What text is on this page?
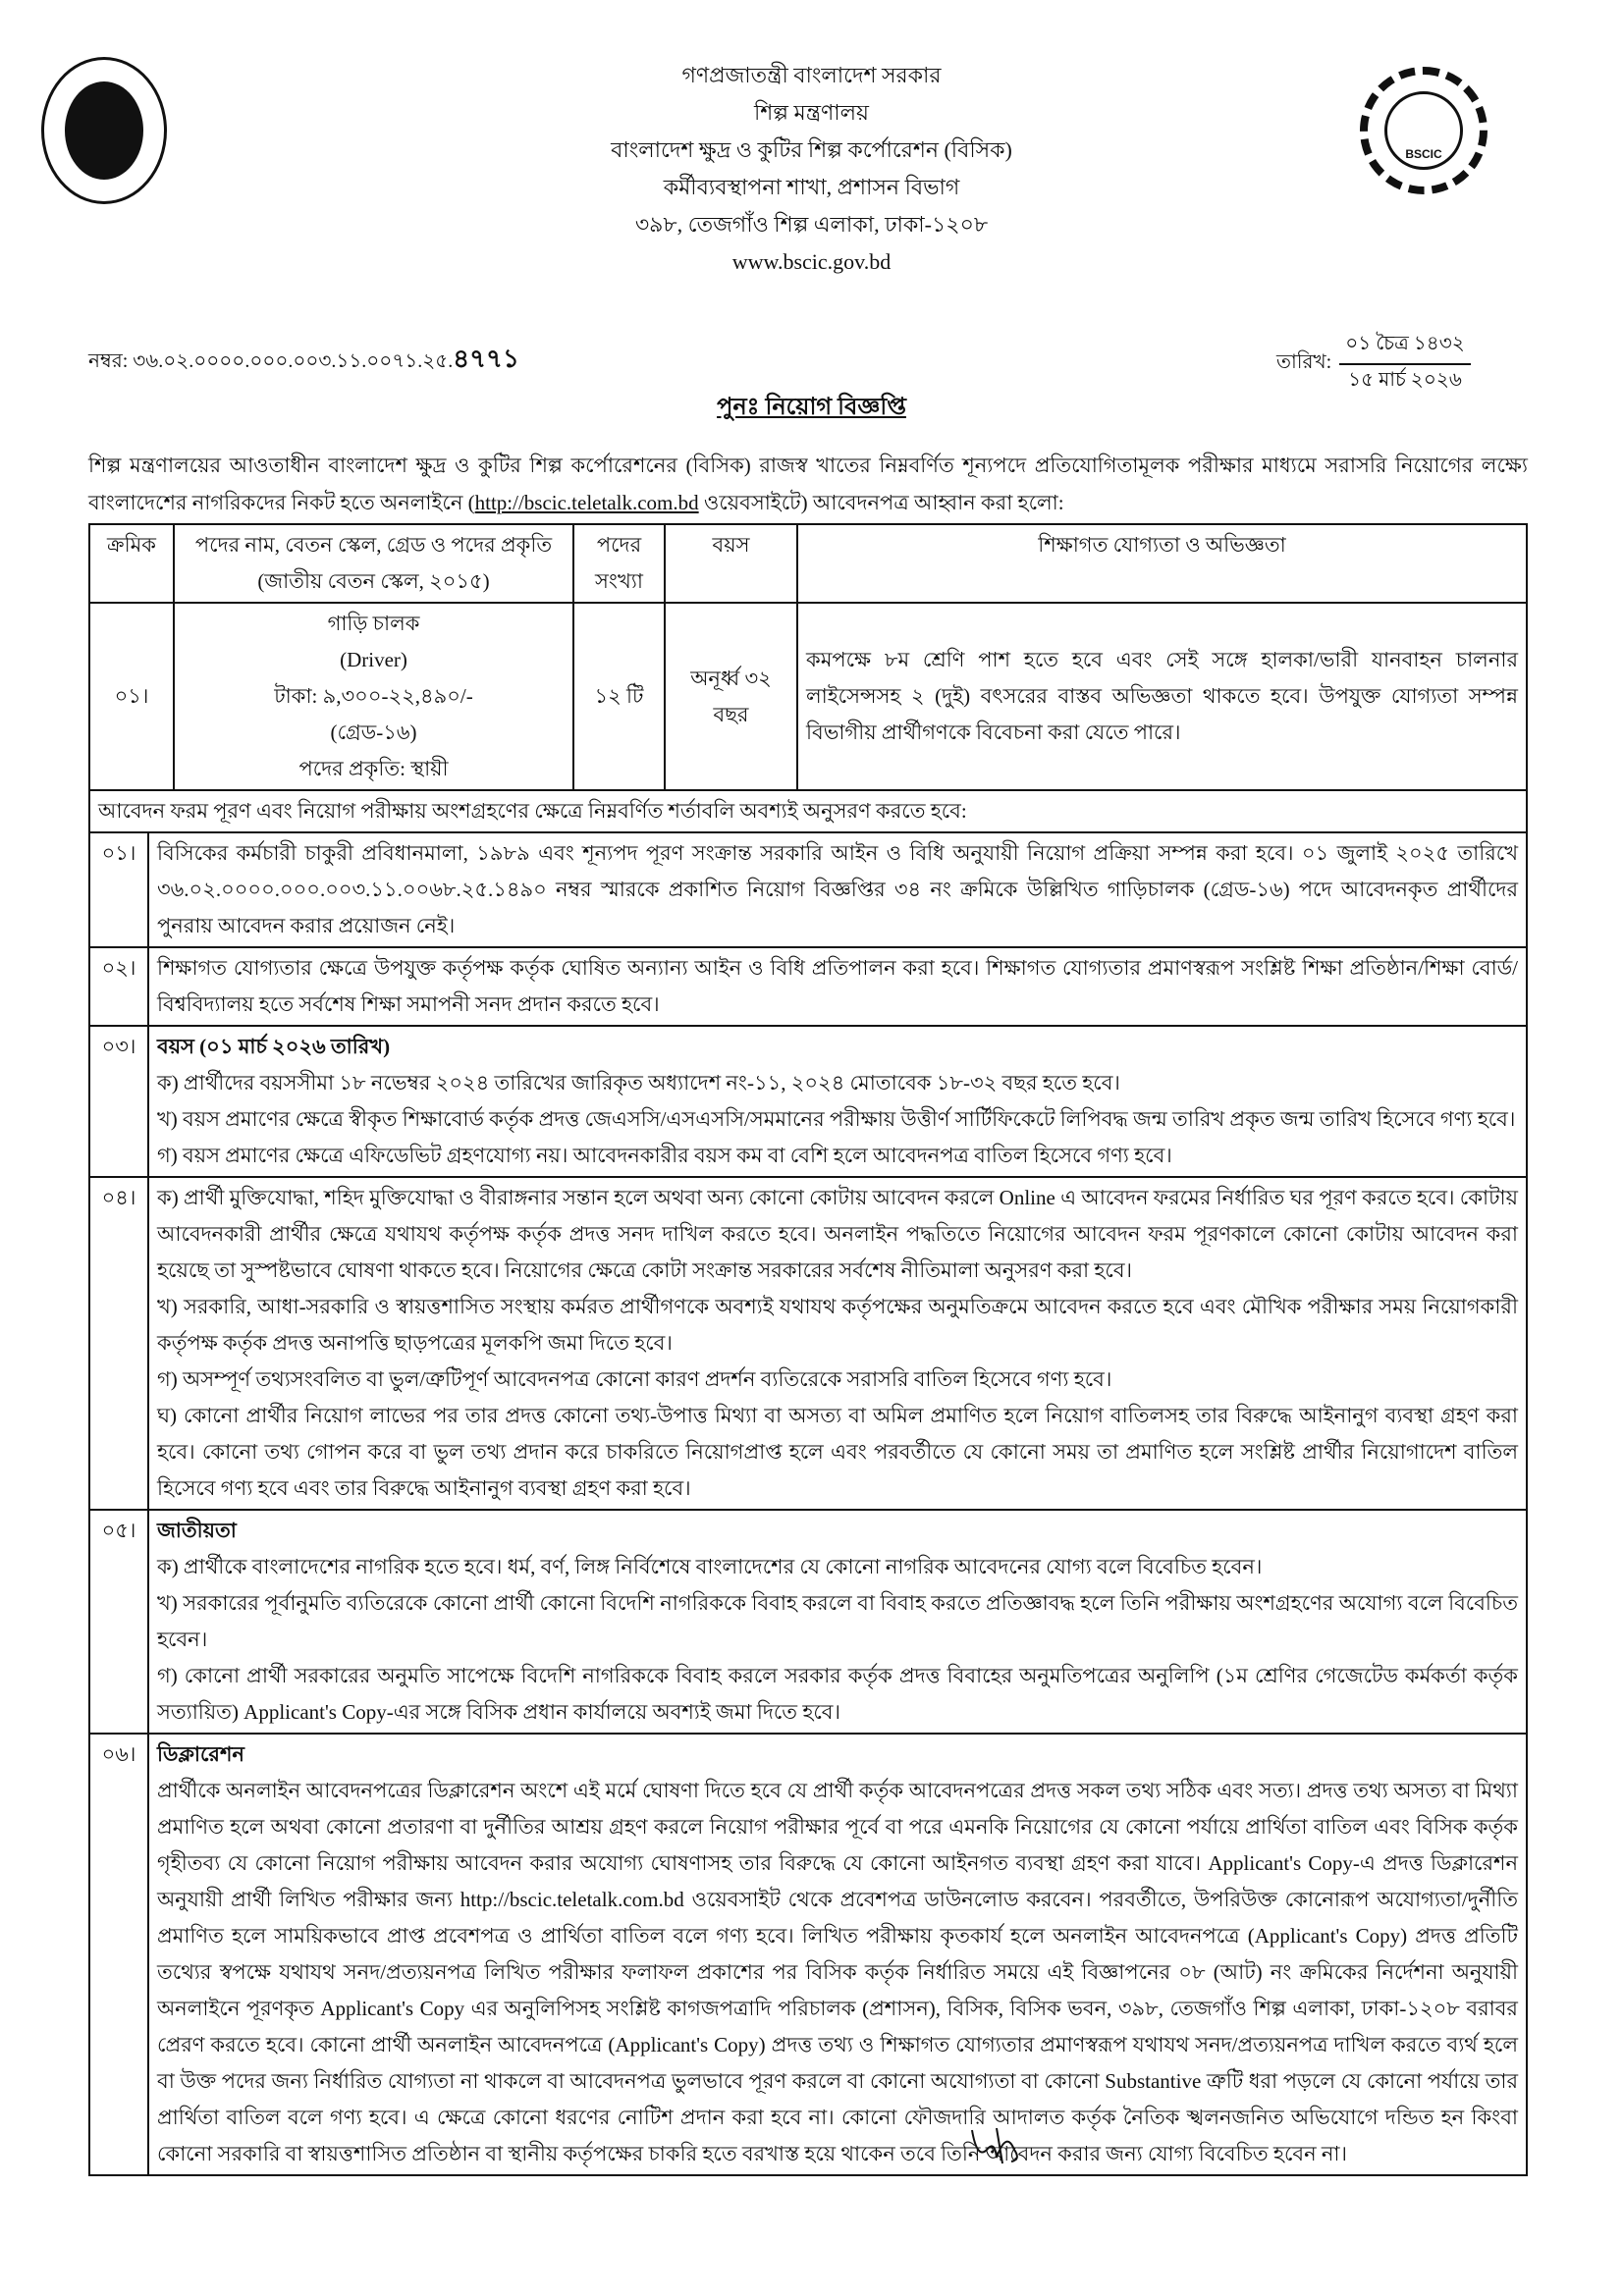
BSCIC
গণপ্রজাতন্ত্রী বাংলাদেশ সরকার
শিল্প মন্ত্রণালয়
বাংলাদেশ ক্ষুদ্র ও কুটির শিল্প কর্পোরেশন (বিসিক)
কর্মীব্যবস্থাপনা শাখা, প্রশাসন বিভাগ
৩৯৮, তেজগাঁও শিল্প এলাকা, ঢাকা-১২০৮
www.bscic.gov.bd
নম্বর: ৩৬.০২.০০০০.০০০.০০৩.১১.০০৭১.২৫.৪৭৭১	তারিখ:
০১ চৈত্র ১৪৩২
১৫ মার্চ ২০২৬
পুনঃ নিয়োগ বিজ্ঞপ্তি

শিল্প মন্ত্রণালয়ের আওতাধীন বাংলাদেশ ক্ষুদ্র ও কুটির শিল্প কর্পোরেশনের (বিসিক) রাজস্ব খাতের নিম্নবর্ণিত শূন্যপদে প্রতিযোগিতামূলক পরীক্ষার মাধ্যমে সরাসরি নিয়োগের লক্ষ্যে বাংলাদেশের নাগরিকদের নিকট হতে অনলাইনে (http://bscic.teletalk.com.bd ওয়েবসাইটে) আবেদনপত্র আহ্বান করা হলো:

ক্রমিক	পদের নাম, বেতন স্কেল, গ্রেড ও পদের প্রকৃতি (জাতীয় বেতন স্কেল, ২০১৫)	পদের সংখ্যা	বয়স	শিক্ষাগত যোগ্যতা ও অভিজ্ঞতা
০১।	গাড়ি চালক
(Driver)
টাকা: ৯,৩০০-২২,৪৯০/-
(গ্রেড-১৬)
পদের প্রকৃতি: স্থায়ী	১২ টি	অনূর্ধ্ব ৩২ বছর	কমপক্ষে ৮ম শ্রেণি পাশ হতে হবে এবং সেই সঙ্গে হালকা/ভারী যানবাহন চালনার লাইসেন্সসহ ২ (দুই) বৎসরের বাস্তব অভিজ্ঞতা থাকতে হবে। উপযুক্ত যোগ্যতা সম্পন্ন বিভাগীয় প্রার্থীগণকে বিবেচনা করা যেতে পারে।
আবেদন ফরম পূরণ এবং নিয়োগ পরীক্ষায় অংশগ্রহণের ক্ষেত্রে নিম্নবর্ণিত শর্তাবলি অবশ্যই অনুসরণ করতে হবে:	
০১।	বিসিকের কর্মচারী চাকুরী প্রবিধানমালা, ১৯৮৯ এবং শূন্যপদ পূরণ সংক্রান্ত সরকারি আইন ও বিধি অনুযায়ী নিয়োগ প্রক্রিয়া সম্পন্ন করা হবে। ০১ জুলাই ২০২৫ তারিখে ৩৬.০২.০০০০.০০০.০০৩.১১.০০৬৮.২৫.১৪৯০ নম্বর স্মারকে প্রকাশিত নিয়োগ বিজ্ঞপ্তির ৩৪ নং ক্রমিকে উল্লিখিত গাড়িচালক (গ্রেড-১৬) পদে আবেদনকৃত প্রার্থীদের পুনরায় আবেদন করার প্রয়োজন নেই।

০২।	শিক্ষাগত যোগ্যতার ক্ষেত্রে উপযুক্ত কর্তৃপক্ষ কর্তৃক ঘোষিত অন্যান্য আইন ও বিধি প্রতিপালন করা হবে। শিক্ষাগত যোগ্যতার প্রমাণস্বরূপ সংশ্লিষ্ট শিক্ষা প্রতিষ্ঠান/শিক্ষা বোর্ড/বিশ্ববিদ্যালয় হতে সর্বশেষ শিক্ষা সমাপনী সনদ প্রদান করতে হবে।

০৩।	বয়স (০১ মার্চ ২০২৬ তারিখ)
ক) প্রার্থীদের বয়সসীমা ১৮ নভেম্বর ২০২৪ তারিখের জারিকৃত অধ্যাদেশ নং-১১, ২০২৪ মোতাবেক ১৮-৩২ বছর হতে হবে।
খ) বয়স প্রমাণের ক্ষেত্রে স্বীকৃত শিক্ষাবোর্ড কর্তৃক প্রদত্ত জেএসসি/এসএসসি/সমমানের পরীক্ষায় উত্তীর্ণ সার্টিফিকেটে লিপিবদ্ধ জন্ম তারিখ প্রকৃত জন্ম তারিখ হিসেবে গণ্য হবে।
গ) বয়স প্রমাণের ক্ষেত্রে এফিডেভিট গ্রহণযোগ্য নয়। আবেদনকারীর বয়স কম বা বেশি হলে আবেদনপত্র বাতিল হিসেবে গণ্য হবে।

০৪।	ক) প্রার্থী মুক্তিযোদ্ধা, শহিদ মুক্তিযোদ্ধা ও বীরাঙ্গনার সন্তান হলে অথবা অন্য কোনো কোটায় আবেদন করলে Online এ আবেদন ফরমের নির্ধারিত ঘর পূরণ করতে হবে। কোটায় আবেদনকারী প্রার্থীর ক্ষেত্রে যথাযথ কর্তৃপক্ষ কর্তৃক প্রদত্ত সনদ দাখিল করতে হবে। অনলাইন পদ্ধতিতে নিয়োগের আবেদন ফরম পূরণকালে কোনো কোটায় আবেদন করা হয়েছে তা সুস্পষ্টভাবে ঘোষণা থাকতে হবে। নিয়োগের ক্ষেত্রে কোটা সংক্রান্ত সরকারের সর্বশেষ নীতিমালা অনুসরণ করা হবে।
খ) সরকারি, আধা-সরকারি ও স্বায়ত্তশাসিত সংস্থায় কর্মরত প্রার্থীগণকে অবশ্যই যথাযথ কর্তৃপক্ষের অনুমতিক্রমে আবেদন করতে হবে এবং মৌখিক পরীক্ষার সময় নিয়োগকারী কর্তৃপক্ষ কর্তৃক প্রদত্ত অনাপত্তি ছাড়পত্রের মূলকপি জমা দিতে হবে।
গ) অসম্পূর্ণ তথ্যসংবলিত বা ভুল/ত্রুটিপূর্ণ আবেদনপত্র কোনো কারণ প্রদর্শন ব্যতিরেকে সরাসরি বাতিল হিসেবে গণ্য হবে।
ঘ) কোনো প্রার্থীর নিয়োগ লাভের পর তার প্রদত্ত কোনো তথ্য-উপাত্ত মিথ্যা বা অসত্য বা অমিল প্রমাণিত হলে নিয়োগ বাতিলসহ তার বিরুদ্ধে আইনানুগ ব্যবস্থা গ্রহণ করা হবে। কোনো তথ্য গোপন করে বা ভুল তথ্য প্রদান করে চাকরিতে নিয়োগপ্রাপ্ত হলে এবং পরবর্তীতে যে কোনো সময় তা প্রমাণিত হলে সংশ্লিষ্ট প্রার্থীর নিয়োগাদেশ বাতিল হিসেবে গণ্য হবে এবং তার বিরুদ্ধে আইনানুগ ব্যবস্থা গ্রহণ করা হবে।

০৫।	জাতীয়তা
ক) প্রার্থীকে বাংলাদেশের নাগরিক হতে হবে। ধর্ম, বর্ণ, লিঙ্গ নির্বিশেষে বাংলাদেশের যে কোনো নাগরিক আবেদনের যোগ্য বলে বিবেচিত হবেন।
খ) সরকারের পূর্বানুমতি ব্যতিরেকে কোনো প্রার্থী কোনো বিদেশি নাগরিককে বিবাহ করলে বা বিবাহ করতে প্রতিজ্ঞাবদ্ধ হলে তিনি পরীক্ষায় অংশগ্রহণের অযোগ্য বলে বিবেচিত হবেন।
গ) কোনো প্রার্থী সরকারের অনুমতি সাপেক্ষে বিদেশি নাগরিককে বিবাহ করলে সরকার কর্তৃক প্রদত্ত বিবাহের অনুমতিপত্রের অনুলিপি (১ম শ্রেণির গেজেটেড কর্মকর্তা কর্তৃক সত্যায়িত) Applicant's Copy-এর সঙ্গে বিসিক প্রধান কার্যালয়ে অবশ্যই জমা দিতে হবে।

০৬।	ডিক্লারেশন
প্রার্থীকে অনলাইন আবেদনপত্রের ডিক্লারেশন অংশে এই মর্মে ঘোষণা দিতে হবে যে প্রার্থী কর্তৃক আবেদনপত্রের প্রদত্ত সকল তথ্য সঠিক এবং সত্য। প্রদত্ত তথ্য অসত্য বা মিথ্যা প্রমাণিত হলে অথবা কোনো প্রতারণা বা দুর্নীতির আশ্রয় গ্রহণ করলে নিয়োগ পরীক্ষার পূর্বে বা পরে এমনকি নিয়োগের যে কোনো পর্যায়ে প্রার্থিতা বাতিল এবং বিসিক কর্তৃক গৃহীতব্য যে কোনো নিয়োগ পরীক্ষায় আবেদন করার অযোগ্য ঘোষণাসহ তার বিরুদ্ধে যে কোনো আইনগত ব্যবস্থা গ্রহণ করা যাবে। Applicant's Copy-এ প্রদত্ত ডিক্লারেশন অনুযায়ী প্রার্থী লিখিত পরীক্ষার জন্য http://bscic.teletalk.com.bd ওয়েবসাইট থেকে প্রবেশপত্র ডাউনলোড করবেন। পরবর্তীতে, উপরিউক্ত কোনোরূপ অযোগ্যতা/দুর্নীতি প্রমাণিত হলে সাময়িকভাবে প্রাপ্ত প্রবেশপত্র ও প্রার্থিতা বাতিল বলে গণ্য হবে। লিখিত পরীক্ষায় কৃতকার্য হলে অনলাইন আবেদনপত্রে (Applicant's Copy) প্রদত্ত প্রতিটি তথ্যের স্বপক্ষে যথাযথ সনদ/প্রত্যয়নপত্র লিখিত পরীক্ষার ফলাফল প্রকাশের পর বিসিক কর্তৃক নির্ধারিত সময়ে এই বিজ্ঞাপনের ০৮ (আট) নং ক্রমিকের নির্দেশনা অনুযায়ী অনলাইনে পূরণকৃত Applicant's Copy এর অনুলিপিসহ সংশ্লিষ্ট কাগজপত্রাদি পরিচালক (প্রশাসন), বিসিক, বিসিক ভবন, ৩৯৮, তেজগাঁও শিল্প এলাকা, ঢাকা-১২০৮ বরাবর প্রেরণ করতে হবে। কোনো প্রার্থী অনলাইন আবেদনপত্রে (Applicant's Copy) প্রদত্ত তথ্য ও শিক্ষাগত যোগ্যতার প্রমাণস্বরূপ যথাযথ সনদ/প্রত্যয়নপত্র দাখিল করতে ব্যর্থ হলে বা উক্ত পদের জন্য নির্ধারিত যোগ্যতা না থাকলে বা আবেদনপত্র ভুলভাবে পূরণ করলে বা কোনো অযোগ্যতা বা কোনো Substantive ত্রুটি ধরা পড়লে যে কোনো পর্যায়ে তার প্রার্থিতা বাতিল বলে গণ্য হবে। এ ক্ষেত্রে কোনো ধরণের নোটিশ প্রদান করা হবে না। কোনো ফৌজদারি আদালত কর্তৃক নৈতিক স্খলনজনিত অভিযোগে দন্ডিত হন কিংবা কোনো সরকারি বা স্বায়ত্তশাসিত প্রতিষ্ঠান বা স্থানীয় কর্তৃপক্ষের চাকরি হতে বরখাস্ত হয়ে থাকেন তবে তিনি আবেদন করার জন্য যোগ্য বিবেচিত হবেন না।
